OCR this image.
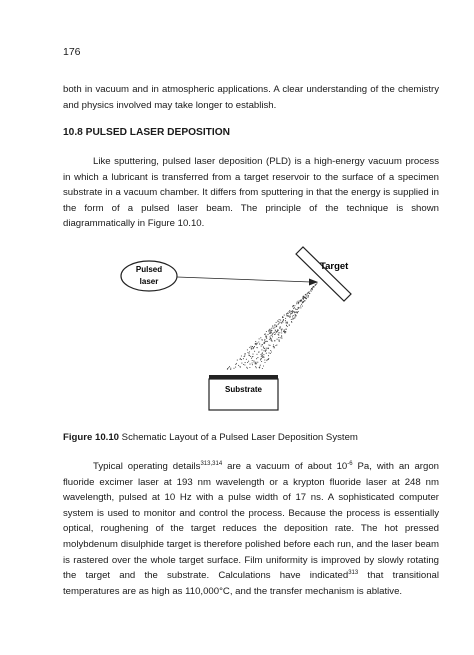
176

both in vacuum and in atmospheric applications. A clear understanding of the chemistry and physics involved may take longer to establish.

10.8 PULSED LASER DEPOSITION

Like sputtering, pulsed laser deposition (PLD) is a high-energy vacuum process in which a lubricant is transferred from a target reservoir to the surface of a specimen substrate in a vacuum chamber. It differs from sputtering in that the energy is supplied in the form of a pulsed laser beam. The principle of the technique is shown diagrammatically in Figure 10.10.

Pulsed
laser
Target
Substrate
Figure 10.10 Schematic Layout of a Pulsed Laser Deposition System

Typical operating details$^{313,314}$ are a vacuum of about $10^{-6}$ Pa, with an argon fluoride excimer laser at 193 nm wavelength or a krypton fluoride laser at 248 nm wavelength, pulsed at 10 Hz with a pulse width of 17 ns. A sophisticated computer system is used to monitor and control the process. Because the process is essentially optical, roughening of the target reduces the deposition rate. The hot pressed molybdenum disulphide target is therefore polished before each run, and the laser beam is rastered over the whole target surface. Film uniformity is improved by slowly rotating the target and the substrate. Calculations have indicated$^{313}$ that transitional temperatures are as high as 110,000°C, and the transfer mechanism is ablative.
